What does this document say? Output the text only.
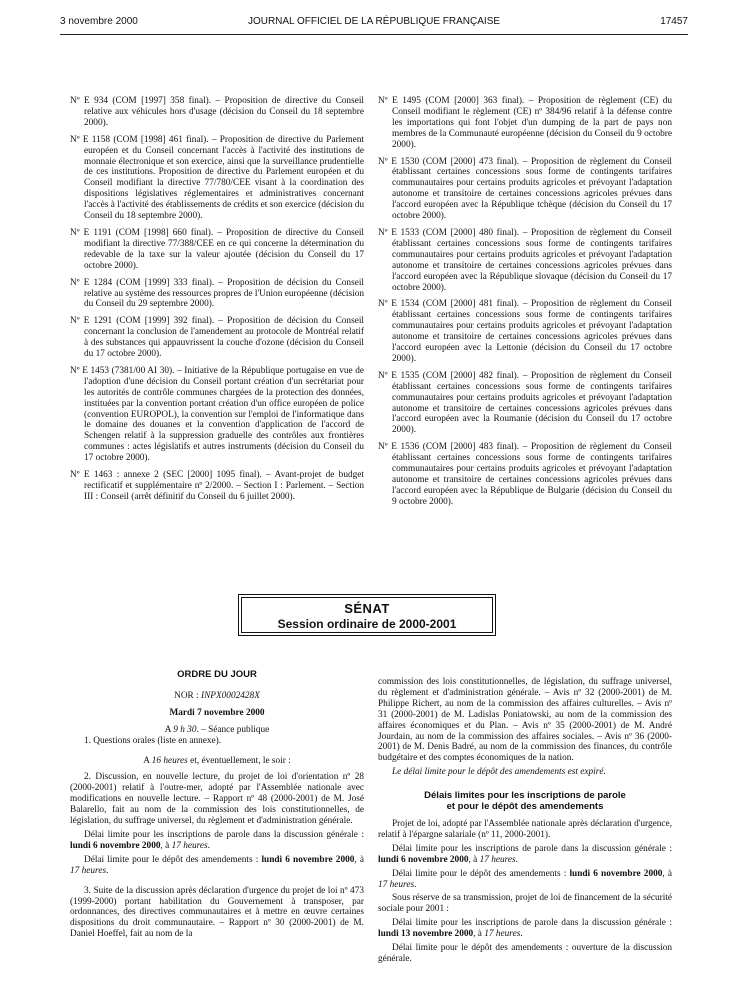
3 novembre 2000	JOURNAL OFFICIEL DE LA RÉPUBLIQUE FRANÇAISE	17457

Nº E 934 (COM [1997] 358 final). – Proposition de directive du Conseil relative aux véhicules hors d'usage (décision du Conseil du 18 septembre 2000).

Nº E 1158 (COM [1998] 461 final). – Proposition de directive du Parlement européen et du Conseil concernant l'accès à l'activité des institutions de monnaie électronique et son exercice, ainsi que la surveillance prudentielle de ces institutions. Proposition de directive du Parlement européen et du Conseil modifiant la directive 77/780/CEE visant à la coordination des dispositions législatives réglementaires et administratives concernant l'accès à l'activité des établissements de crédits et son exercice (décision du Conseil du 18 septembre 2000).

Nº E 1191 (COM [1998] 660 final). – Proposition de directive du Conseil modifiant la directive 77/388/CEE en ce qui concerne la détermination du redevable de la taxe sur la valeur ajoutée (décision du Conseil du 17 octobre 2000).

Nº E 1284 (COM [1999] 333 final). – Proposition de décision du Conseil relative au système des ressources propres de l'Union européenne (décision du Conseil du 29 septembre 2000).

Nº E 1291 (COM [1999] 392 final). – Proposition de décision du Conseil concernant la conclusion de l'amendement au protocole de Montréal relatif à des substances qui appauvrissent la couche d'ozone (décision du Conseil du 17 octobre 2000).

Nº E 1453 (7381/00 AI 30). – Initiative de la République portugaise en vue de l'adoption d'une décision du Conseil portant création d'un secrétariat pour les autorités de contrôle communes chargées de la protection des données, instituées par la convention portant création d'un office européen de police (convention EUROPOL), la convention sur l'emploi de l'informatique dans le domaine des douanes et la convention d'application de l'accord de Schengen relatif à la suppression graduelle des contrôles aux frontières communes : actes législatifs et autres instruments (décision du Conseil du 17 octobre 2000).

Nº E 1463 : annexe 2 (SEC [2000] 1095 final). – Avant-projet de budget rectificatif et supplémentaire nº 2/2000. – Section I : Parlement. – Section III : Conseil (arrêt définitif du Conseil du 6 juillet 2000).

Nº E 1495 (COM [2000] 363 final). – Proposition de règlement (CE) du Conseil modifiant le règlement (CE) nº 384/96 relatif à la défense contre les importations qui font l'objet d'un dumping de la part de pays non membres de la Communauté européenne (décision du Conseil du 9 octobre 2000).

Nº E 1530 (COM [2000] 473 final). – Proposition de règlement du Conseil établissant certaines concessions sous forme de contingents tarifaires communautaires pour certains produits agricoles et prévoyant l'adaptation autonome et transitoire de certaines concessions agricoles prévues dans l'accord européen avec la République tchèque (décision du Conseil du 17 octobre 2000).

Nº E 1533 (COM [2000] 480 final). – Proposition de règlement du Conseil établissant certaines concessions sous forme de contingents tarifaires communautaires pour certains produits agricoles et prévoyant l'adaptation autonome et transitoire de certaines concessions agricoles prévues dans l'accord européen avec la République slovaque (décision du Conseil du 17 octobre 2000).

Nº E 1534 (COM [2000] 481 final). – Proposition de règlement du Conseil établissant certaines concessions sous forme de contingents tarifaires communautaires pour certains produits agricoles et prévoyant l'adaptation autonome et transitoire de certaines concessions agricoles prévues dans l'accord européen avec la Lettonie (décision du Conseil du 17 octobre 2000).

Nº E 1535 (COM [2000] 482 final). – Proposition de règlement du Conseil établissant certaines concessions sous forme de contingents tarifaires communautaires pour certains produits agricoles et prévoyant l'adaptation autonome et transitoire de certaines concessions agricoles prévues dans l'accord européen avec la Roumanie (décision du Conseil du 17 octobre 2000).

Nº E 1536 (COM [2000] 483 final). – Proposition de règlement du Conseil établissant certaines concessions sous forme de contingents tarifaires communautaires pour certains produits agricoles et prévoyant l'adaptation autonome et transitoire de certaines concessions agricoles prévues dans l'accord européen avec la République de Bulgarie (décision du Conseil du 9 octobre 2000).

SÉNAT
Session ordinaire de 2000-2001

ORDRE DU JOUR

NOR : INPX0002428X

Mardi 7 novembre 2000

A 9 h 30. – Séance publique

1. Questions orales (liste en annexe).

A 16 heures et, éventuellement, le soir :

2. Discussion, en nouvelle lecture, du projet de loi d'orientation nº 28 (2000-2001) relatif à l'outre-mer, adopté par l'Assemblée nationale avec modifications en nouvelle lecture. – Rapport nº 48 (2000-2001) de M. José Balarello, fait au nom de la commission des lois constitutionnelles, de législation, du suffrage universel, du règlement et d'administration générale.

Délai limite pour les inscriptions de parole dans la discussion générale : lundi 6 novembre 2000, à 17 heures.

Délai limite pour le dépôt des amendements : lundi 6 novembre 2000, à 17 heures.

3. Suite de la discussion après déclaration d'urgence du projet de loi nº 473 (1999-2000) portant habilitation du Gouvernement à transposer, par ordonnances, des directives communautaires et à mettre en œuvre certaines dispositions du droit communautaire. – Rapport nº 30 (2000-2001) de M. Daniel Hoeffel, fait au nom de la

commission des lois constitutionnelles, de législation, du suffrage universel, du règlement et d'administration générale. – Avis nº 32 (2000-2001) de M. Philippe Richert, au nom de la commission des affaires culturelles. – Avis nº 31 (2000-2001) de M. Ladislas Poniatowski, au nom de la commission des affaires économiques et du Plan. – Avis nº 35 (2000-2001) de M. André Jourdain, au nom de la commission des affaires sociales. – Avis nº 36 (2000-2001) de M. Denis Badré, au nom de la commission des finances, du contrôle budgétaire et des comptes économiques de la nation.

Le délai limite pour le dépôt des amendements est expiré.

Délais limites pour les inscriptions de parole

et pour le dépôt des amendements

Projet de loi, adopté par l'Assemblée nationale après déclaration d'urgence, relatif à l'épargne salariale (nº 11, 2000-2001).

Délai limite pour les inscriptions de parole dans la discussion générale : lundi 6 novembre 2000, à 17 heures.

Délai limite pour le dépôt des amendements : lundi 6 novembre 2000, à 17 heures.

Sous réserve de sa transmission, projet de loi de financement de la sécurité sociale pour 2001 :

Délai limite pour les inscriptions de parole dans la discussion générale : lundi 13 novembre 2000, à 17 heures.

Délai limite pour le dépôt des amendements : ouverture de la discussion générale.
